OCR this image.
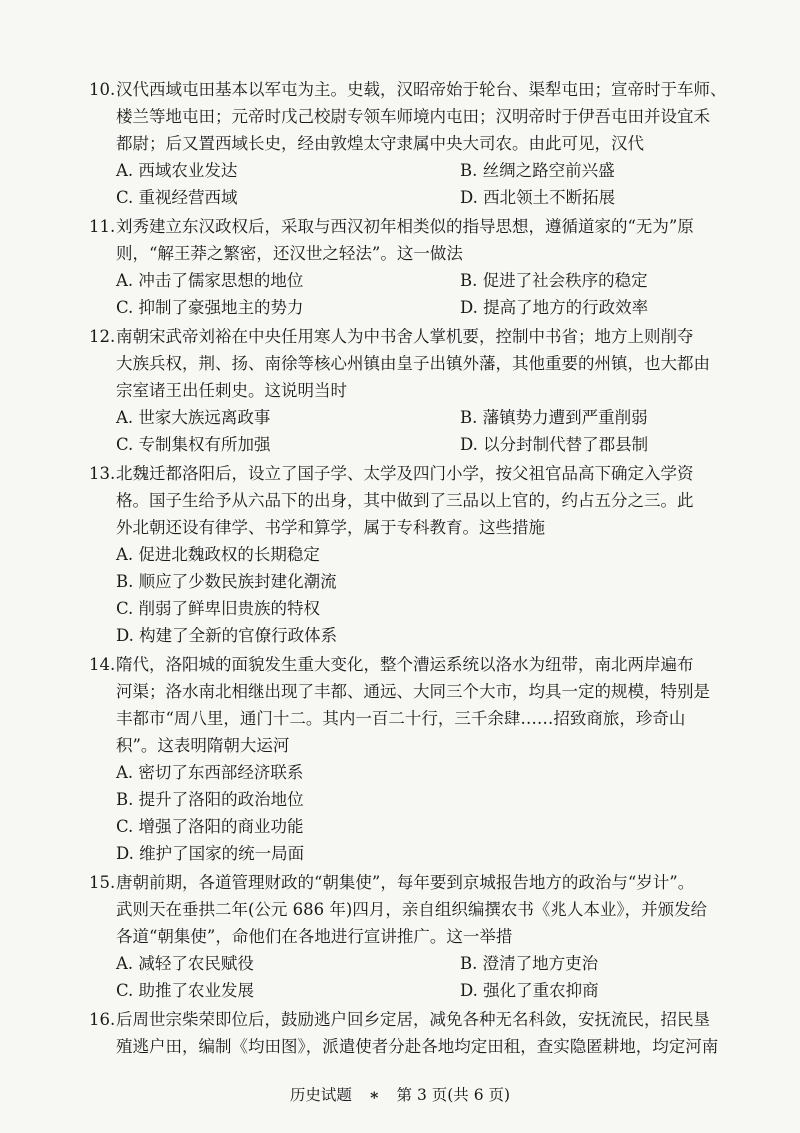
10.汉代西域屯田基本以军屯为主。史载，汉昭帝始于轮台、渠犁屯田；宣帝时于车师、
楼兰等地屯田；元帝时戊己校尉专领车师境内屯田；汉明帝时于伊吾屯田并设宜禾
都尉；后又置西域长史，经由敦煌太守隶属中央大司农。由此可见，汉代
A. 西域农业发达	B. 丝绸之路空前兴盛
C. 重视经营西域	D. 西北领土不断拓展
11.刘秀建立东汉政权后，采取与西汉初年相类似的指导思想，遵循道家的“无为”原
则，“解王莽之繁密，还汉世之轻法”。这一做法
A. 冲击了儒家思想的地位	B. 促进了社会秩序的稳定
C. 抑制了豪强地主的势力	D. 提高了地方的行政效率
12.南朝宋武帝刘裕在中央任用寒人为中书舍人掌机要，控制中书省；地方上则削夺
大族兵权，荆、扬、南徐等核心州镇由皇子出镇外藩，其他重要的州镇，也大都由
宗室诸王出任刺史。这说明当时
A. 世家大族远离政事	B. 藩镇势力遭到严重削弱
C. 专制集权有所加强	D. 以分封制代替了郡县制
13.北魏迁都洛阳后，设立了国子学、太学及四门小学，按父祖官品高下确定入学资
格。国子生给予从六品下的出身，其中做到了三品以上官的，约占五分之三。此
外北朝还设有律学、书学和算学，属于专科教育。这些措施
A. 促进北魏政权的长期稳定
B. 顺应了少数民族封建化潮流
C. 削弱了鲜卑旧贵族的特权
D. 构建了全新的官僚行政体系
14.隋代，洛阳城的面貌发生重大变化，整个漕运系统以洛水为纽带，南北两岸遍布
河渠；洛水南北相继出现了丰都、通远、大同三个大市，均具一定的规模，特别是
丰都市“周八里，通门十二。其内一百二十行，三千余肆……招致商旅，珍奇山
积”。这表明隋朝大运河
A. 密切了东西部经济联系
B. 提升了洛阳的政治地位
C. 增强了洛阳的商业功能
D. 维护了国家的统一局面
15.唐朝前期，各道管理财政的“朝集使”，每年要到京城报告地方的政治与“岁计”。
武则天在垂拱二年(公元 686 年)四月，亲自组织编撰农书《兆人本业》，并颁发给
各道“朝集使”，命他们在各地进行宣讲推广。这一举措
A. 减轻了农民赋役	B. 澄清了地方吏治
C. 助推了农业发展	D. 强化了重农抑商
16.后周世宗柴荣即位后，鼓励逃户回乡定居，减免各种无名科敛，安抚流民，招民垦
殖逃户田，编制《均田图》，派遣使者分赴各地均定田租，查实隐匿耕地，均定河南
历史试题 ∗ 第 3 页(共 6 页)
